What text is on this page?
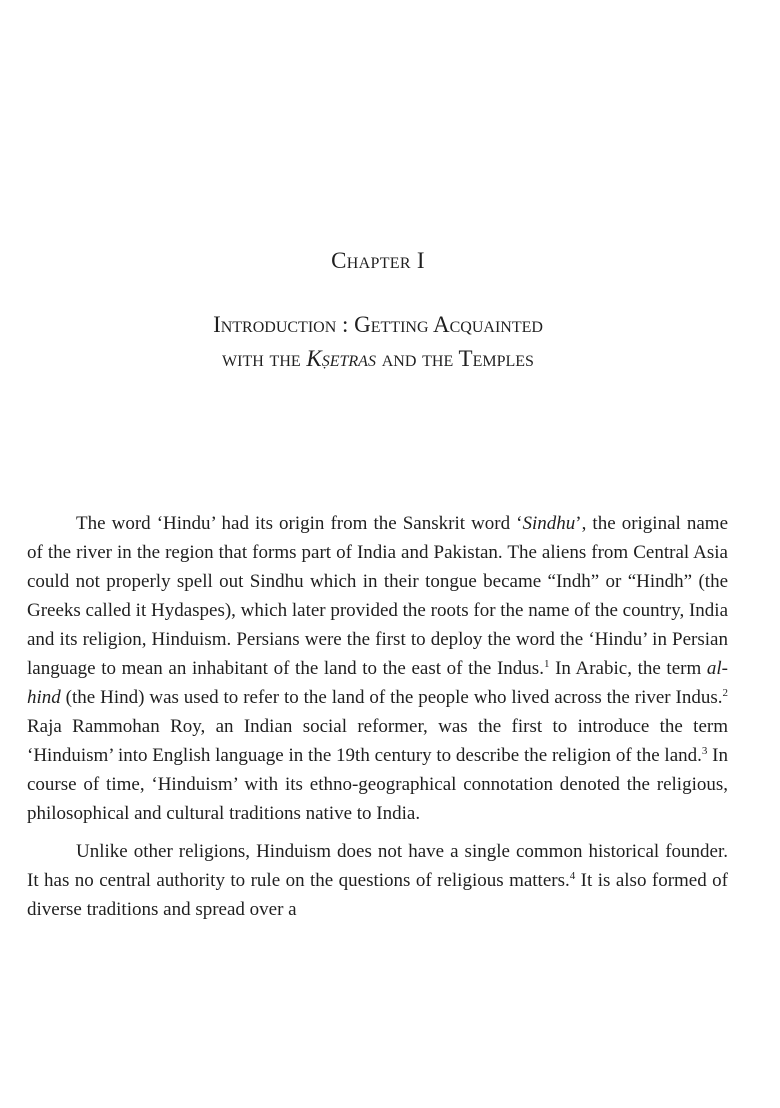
Chapter I
Introduction : Getting Acquainted
with the Kṣetras and the Temples

The word ‘Hindu’ had its origin from the Sanskrit word ‘Sindhu’, the original name of the river in the region that forms part of India and Pakistan. The aliens from Central Asia could not properly spell out Sindhu which in their tongue became “Indh” or “Hindh” (the Greeks called it Hydaspes), which later provided the roots for the name of the country, India and its religion, Hinduism. Persians were the first to deploy the word the ‘Hindu’ in Persian language to mean an inhabitant of the land to the east of the Indus.$^1$ In Arabic, the term al-hind (the Hind) was used to refer to the land of the people who lived across the river Indus.$^2$ Raja Rammohan Roy, an Indian social reformer, was the first to introduce the term ‘Hinduism’ into English language in the 19th century to describe the religion of the land.$^3$ In course of time, ‘Hinduism’ with its ethno-geographical connotation denoted the religious, philosophical and cultural traditions native to India.

Unlike other religions, Hinduism does not have a single common historical founder. It has no central authority to rule on the questions of religious matters.$^4$ It is also formed of diverse traditions and spread over a
